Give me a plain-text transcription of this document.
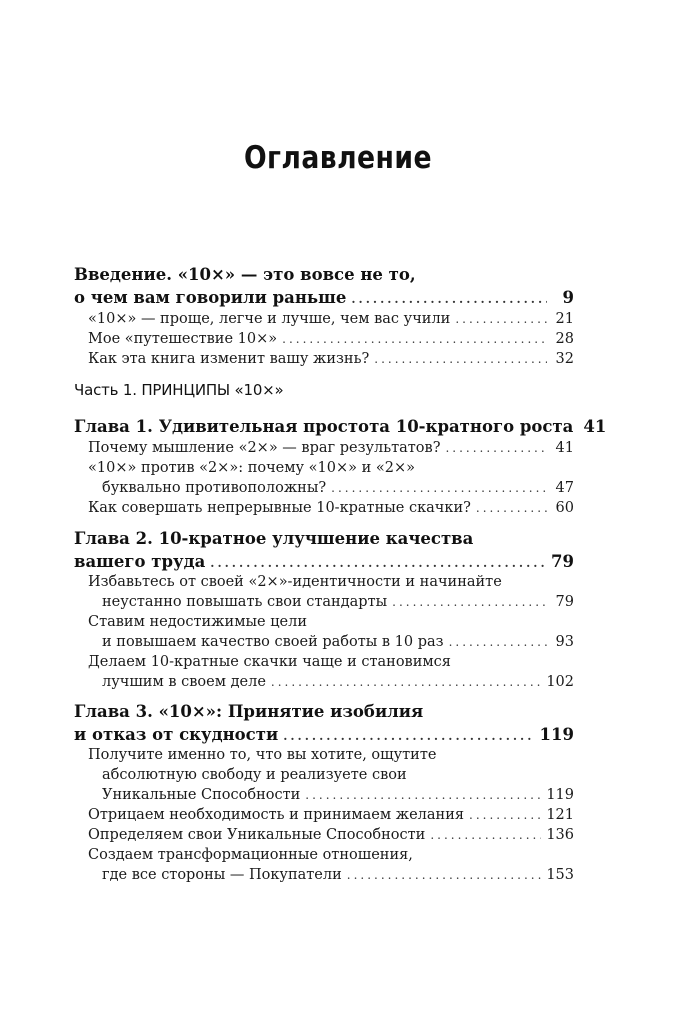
Оглавление
Введение. «10×» — это вовсе не то,
о чем вам говорили раньше .....	9
«10×» — проще, легче и лучше, чем вас учили .....	21
Мое «путешествие 10×» .....	28
Как эта книга изменит вашу жизнь? .....	32
Часть 1. ПРИНЦИПЫ «10×»
Глава 1. Удивительная простота 10-кратного роста 41
Почему мышление «2×» — враг результатов? .....	41
«10×» против «2×»: почему «10×» и «2×»
буквально противоположны? .....	47
Как совершать непрерывные 10-кратные скачки? .....	60
Глава 2. 10-кратное улучшение качества
вашего труда .....	79
Избавьтесь от своей «2×»-идентичности и начинайте
неустанно повышать свои стандарты .....	79
Ставим недостижимые цели
и повышаем качество своей работы в 10 раз .....	93
Делаем 10-кратные скачки чаще и становимся
лучшим в своем деле .....	102
Глава 3. «10×»: Принятие изобилия
и отказ от скудности .....	119
Получите именно то, что вы хотите, ощутите
абсолютную свободу и реализуете свои
Уникальные Способности .....	119
Отрицаем необходимость и принимаем желания .....	121
Определяем свои Уникальные Способности .....	136
Создаем трансформационные отношения,
где все стороны — Покупатели .....	153
